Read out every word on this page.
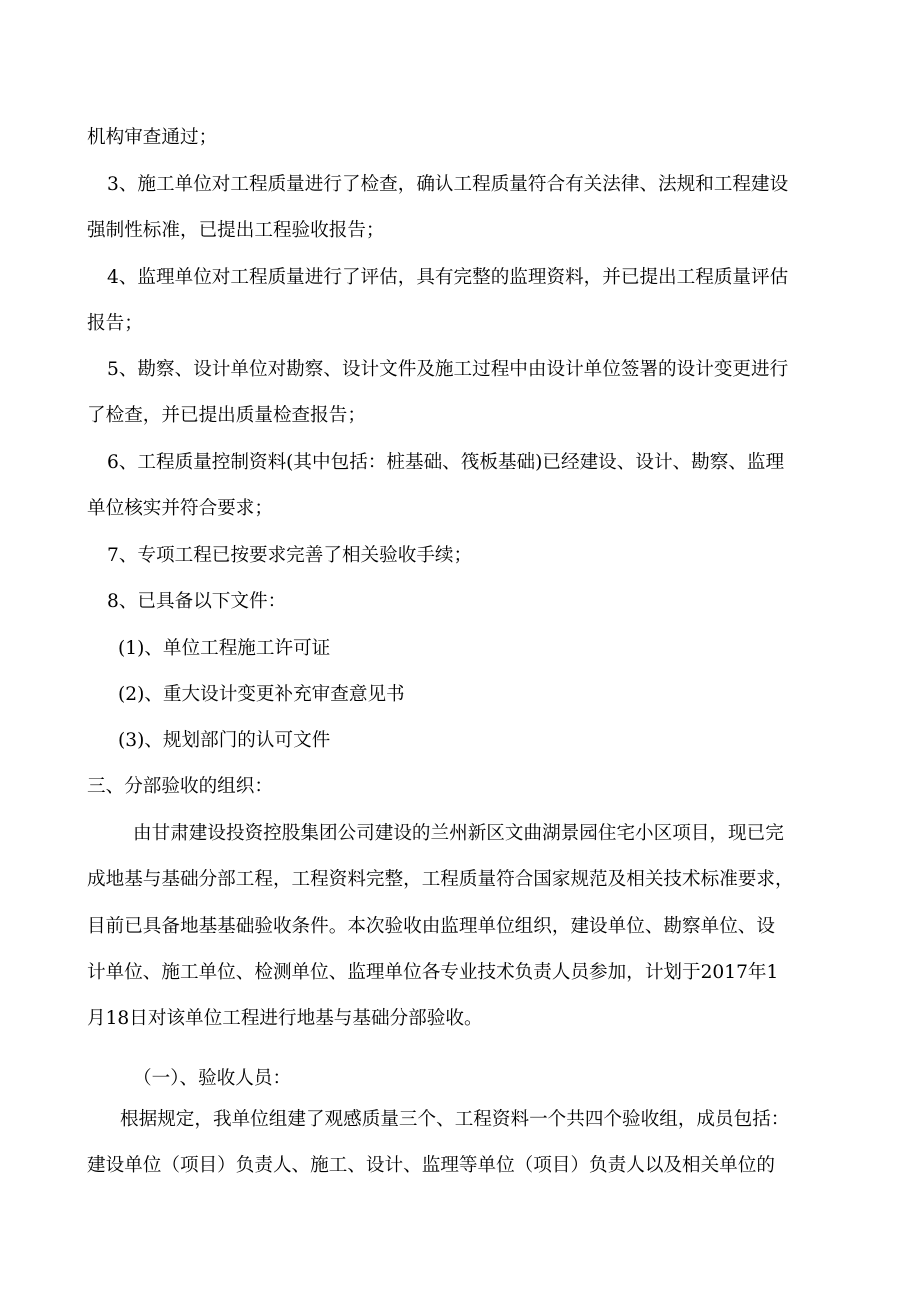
机构审查通过；
3、施工单位对工程质量进行了检查，确认工程质量符合有关法律、法规和工程建设
强制性标准，已提出工程验收报告；
4、监理单位对工程质量进行了评估，具有完整的监理资料，并已提出工程质量评估
报告；
5、勘察、设计单位对勘察、设计文件及施工过程中由设计单位签署的设计变更进行
了检查，并已提出质量检查报告；
6、工程质量控制资料(其中包括：桩基础、筏板基础)已经建设、设计、勘察、监理
单位核实并符合要求；
7、专项工程已按要求完善了相关验收手续；
8、已具备以下文件：
(1)、单位工程施工许可证
(2)、重大设计变更补充审查意见书
(3)、规划部门的认可文件
三、分部验收的组织：
由甘肃建设投资控股集团公司建设的兰州新区文曲湖景园住宅小区项目，现已完
成地基与基础分部工程，工程资料完整，工程质量符合国家规范及相关技术标准要求，
目前已具备地基基础验收条件。本次验收由监理单位组织，建设单位、勘察单位、设
计单位、施工单位、检测单位、监理单位各专业技术负责人员参加，计划于2017年1
月18日对该单位工程进行地基与基础分部验收。
（一）、验收人员：
根据规定，我单位组建了观感质量三个、工程资料一个共四个验收组，成员包括：
建设单位（项目）负责人、施工、设计、监理等单位（项目）负责人以及相关单位的
